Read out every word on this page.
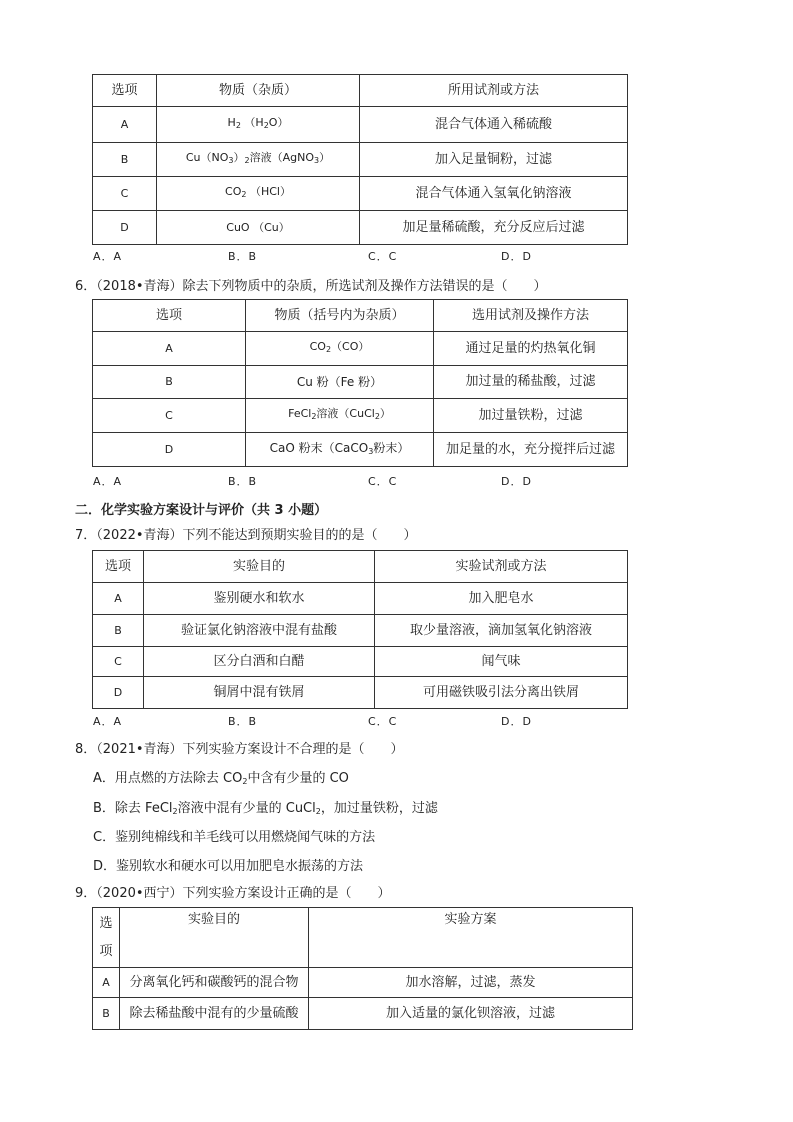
选项	物质（杂质）	所用试剂或方法
A	$H_2$ $(H_2O)$	混合气体通入稀硫酸
B	$Cu(NO_3)_2$溶液（AgNO$_3$）	加入足量铜粉，过滤
C	$CO_2$ （HCl）	混合气体通入氢氧化钠溶液
D	CuO （Cu）	加足量稀硫酸，充分反应后过滤
A．A	B．B	C．C	D．D
6．（2018•青海）除去下列物质中的杂质，所选试剂及操作方法错误的是（　　）
选项	物质（括号内为杂质）	选用试剂及操作方法
A	$CO_2(CO)$	通过足量的灼热氧化铜
B	Cu 粉（Fe 粉）	加过量的稀盐酸，过滤
C	FeCl$_2$溶液（CuCl$_2$）	加过量铁粉，过滤
D	CaO 粉末（CaCO$_3$粉末）	加足量的水，充分搅拌后过滤
A．A	B．B	C．C	D．D
二．化学实验方案设计与评价（共 3 小题）
7．（2022•青海）下列不能达到预期实验目的的是（　　）
选项	实验目的	实验试剂或方法
A	鉴别硬水和软水	加入肥皂水
B	验证氯化钠溶液中混有盐酸	取少量溶液，滴加氢氧化钠溶液
C	区分白酒和白醋	闻气味
D	铜屑中混有铁屑	可用磁铁吸引法分离出铁屑
A．A	B．B	C．C	D．D
8．（2021•青海）下列实验方案设计不合理的是（　　）
A．用点燃的方法除去 $CO_2$中含有少量的 CO
B．除去 FeCl$_2$溶液中混有少量的 CuCl$_2$，加过量铁粉，过滤
C．鉴别纯棉线和羊毛线可以用燃烧闻气味的方法
D．鉴别软水和硬水可以用加肥皂水振荡的方法
9．（2020•西宁）下列实验方案设计正确的是（　　）
选项	实验目的	实验方案
A	分离氧化钙和碳酸钙的混合物	加水溶解，过滤，蒸发
B	除去稀盐酸中混有的少量硫酸	加入适量的氯化钡溶液，过滤
